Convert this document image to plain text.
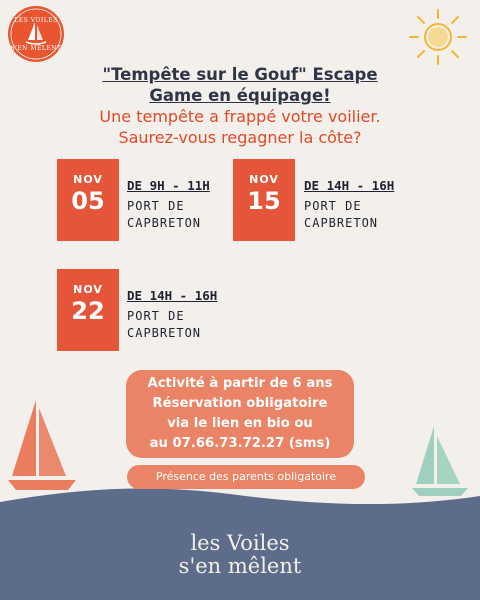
LES VOILES
S'EN MÊLENT
"Tempête sur le Gouf" Escape
Game en équipage!
Une tempête a frappé votre voilier.
Saurez-vous regagner la côte?
NOV
05
DE 9H - 11H
PORT DE
CAPBRETON
NOV
15
DE 14H - 16H
PORT DE
CAPBRETON
NOV
22
DE 14H - 16H
PORT DE
CAPBRETON
Activité à partir de 6 ans
Réservation obligatoire
via le lien en bio ou
au 07.66.73.72.27 (sms)
Présence des parents obligatoire
les Voiles
s'en mêlent
